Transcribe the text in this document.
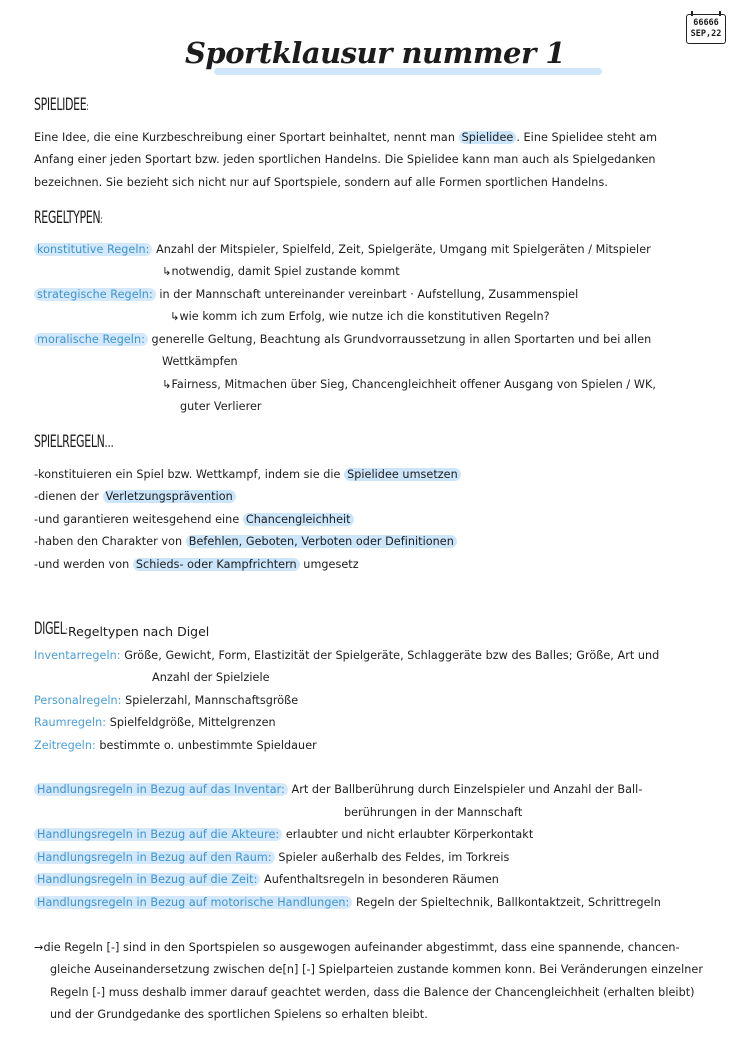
66666
SEP,22
Sportklausur nummer 1
SPIELIDEE:
Eine Idee, die eine Kurzbeschreibung einer Sportart beinhaltet, nennt man Spielidee . Eine Spielidee steht am
Anfang einer jeden Sportart bzw. jeden sportlichen Handelns. Die Spielidee kann man auch als Spielgedanken
bezeichnen. Sie bezieht sich nicht nur auf Sportspiele, sondern auf alle Formen sportlichen Handelns.
REGELTYPEN:
konstitutive Regeln: Anzahl der Mitspieler, Spielfeld, Zeit, Spielgeräte, Umgang mit Spielgeräten / Mitspieler
↳notwendig, damit Spiel zustande kommt
strategische Regeln: in der Mannschaft untereinander vereinbart · Aufstellung, Zusammenspiel
↳wie komm ich zum Erfolg, wie nutze ich die konstitutiven Regeln?
moralische Regeln: generelle Geltung, Beachtung als Grundvorraussetzung in allen Sportarten und bei allen
Wettkämpfen
↳Fairness, Mitmachen über Sieg, Chancengleichheit offener Ausgang von Spielen / WK,
guter Verlierer
SPIELREGELN...
-konstituieren ein Spiel bzw. Wettkampf, indem sie die Spielidee umsetzen
-dienen der Verletzungsprävention
-und garantieren weitesgehend eine Chancengleichheit
-haben den Charakter von Befehlen, Geboten, Verboten oder Definitionen
-und werden von Schieds- oder Kampfrichtern umgesetz
DIGEL: Regeltypen nach Digel
Inventarregeln: Größe, Gewicht, Form, Elastizität der Spielgeräte, Schlaggeräte bzw des Balles; Größe, Art und
Anzahl der Spielziele
Personalregeln: Spielerzahl, Mannschaftsgröße
Raumregeln: Spielfeldgröße, Mittelgrenzen
Zeitregeln: bestimmte o. unbestimmte Spieldauer
Handlungsregeln in Bezug auf das Inventar: Art der Ballberührung durch Einzelspieler und Anzahl der Ball-
berührungen in der Mannschaft
Handlungsregeln in Bezug auf die Akteure: erlaubter und nicht erlaubter Körperkontakt
Handlungsregeln in Bezug auf den Raum: Spieler außerhalb des Feldes, im Torkreis
Handlungsregeln in Bezug auf die Zeit: Aufenthaltsregeln in besonderen Räumen
Handlungsregeln in Bezug auf motorische Handlungen: Regeln der Spieltechnik, Ballkontaktzeit, Schrittregeln
→die Regeln [-] sind in den Sportspielen so ausgewogen aufeinander abgestimmt, dass eine spannende, chancen-
gleiche Auseinandersetzung zwischen de[n] [-] Spielparteien zustande kommen konn. Bei Veränderungen einzelner
Regeln [-] muss deshalb immer darauf geachtet werden, dass die Balence der Chancengleichheit (erhalten bleibt)
und der Grundgedanke des sportlichen Spielens so erhalten bleibt.
